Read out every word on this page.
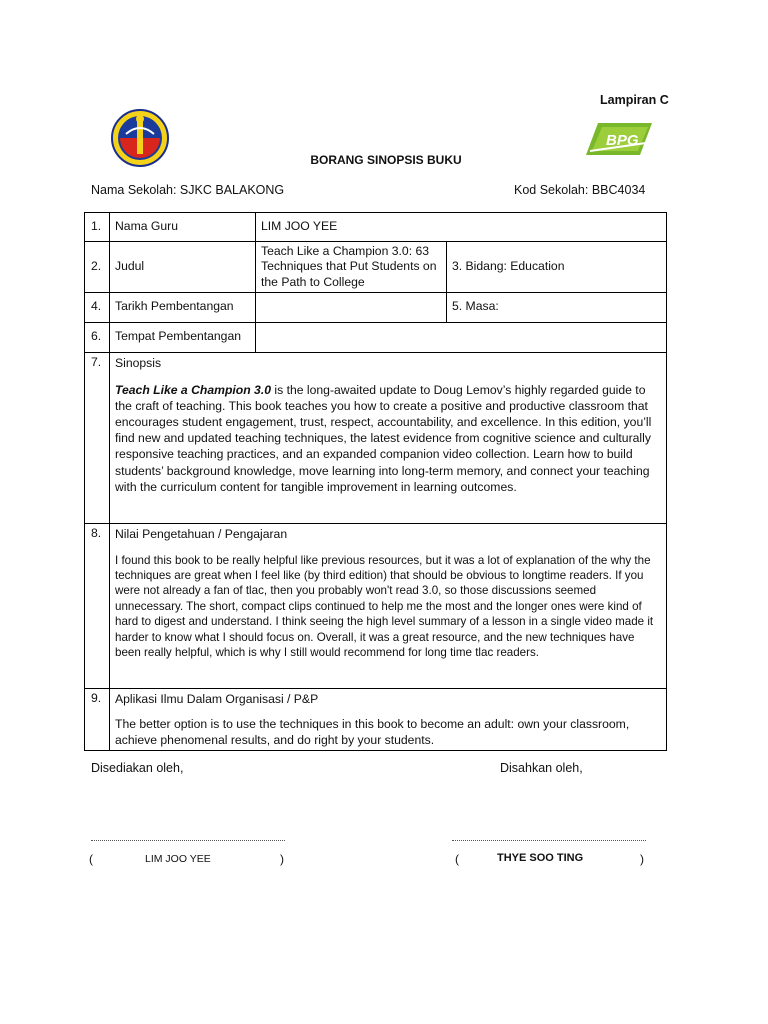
Lampiran C
BPG
BORANG SINOPSIS BUKU
Nama Sekolah: SJKC BALAKONG	Kod Sekolah: BBC4034
1.	Nama Guru	LIM JOO YEE	
2.	Judul	Teach Like a Champion 3.0: 63 Techniques that Put Students on the Path to College	3. Bidang: Education
4.	Tarikh Pembentangan		5. Masa:
6.	Tempat Pembentangan		
7.	Sinopsis
Teach Like a Champion 3.0 is the long-awaited update to Doug Lemov’s highly regarded guide to the craft of teaching. This book teaches you how to create a positive and productive classroom that encourages student engagement, trust, respect, accountability, and excellence. In this edition, you’ll find new and updated teaching techniques, the latest evidence from cognitive science and culturally responsive teaching practices, and an expanded companion video collection. Learn how to build students’ background knowledge, move learning into long-term memory, and connect your teaching with the curriculum content for tangible improvement in learning outcomes.		

8.	Nilai Pengetahuan / Pengajaran
I found this book to be really helpful like previous resources, but it was a lot of explanation of the why the techniques are great when I feel like (by third edition) that should be obvious to longtime readers. If you were not already a fan of tlac, then you probably won't read 3.0, so those discussions seemed unnecessary. The short, compact clips continued to help me the most and the longer ones were kind of hard to digest and understand. I think seeing the high level summary of a lesson in a single video made it harder to know what I should focus on. Overall, it was a great resource, and the new techniques have been really helpful, which is why I still would recommend for long time tlac readers.		

9.	Aplikasi Ilmu Dalam Organisasi / P&P
The better option is to use the techniques in this book to become an adult: own your classroom, achieve phenomenal results, and do right by your students.		
Disediakan oleh,	Disahkan oleh,
(	LIM JOO YEE	)	(	THYE SOO TING	)
